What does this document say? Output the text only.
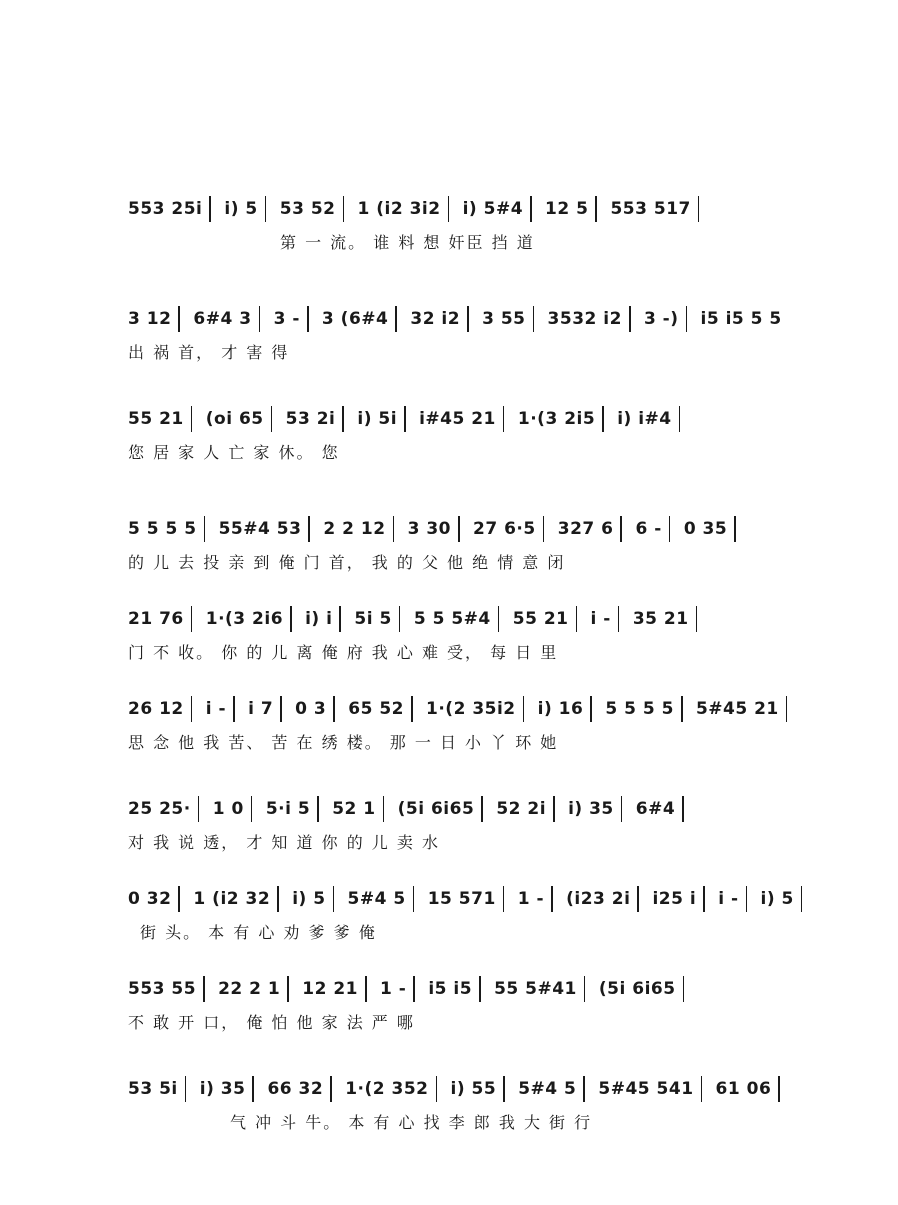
553 25i i) 5 53 52 1 (i2 3i2 i) 5#4 12 5 553 517
第 一 流。 谁 料 想 奸臣 挡 道
3 12 6#4 3 3 - 3 (6#4 32 i2 3 55 3532 i2 3 -) i5 i5 5 5
出 祸 首， 才 害 得
55 21 (oi 65 53 2i i) 5i i#45 21 1·(3 2i5 i) i#4
您 居 家 人 亡 家 休。 您
5 5 5 5 55#4 53 2 2 12 3 30 27 6·5 327 6 6 - 0 35
的 儿 去 投 亲 到 俺 门 首， 我 的 父 他 绝 情 意 闭
21 76 1·(3 2i6 i) i 5i 5 5 5 5#4 55 21 i - 35 21
门 不 收。 你 的 儿 离 俺 府 我 心 难 受， 每 日 里
26 12 i - i 7 0 3 65 52 1·(2 35i2 i) 16 5 5 5 5 5#45 21
思 念 他 我 苦、 苦 在 绣 楼。 那 一 日 小 丫 环 她
25 25· 1 0 5·i 5 52 1 (5i 6i65 52 2i i) 35 6#4
对 我 说 透， 才 知 道 你 的 儿 卖 水
0 32 1 (i2 32 i) 5 5#4 5 15 571 1 - (i23 2i i25 i i - i) 5
街 头。 本 有 心 劝 爹 爹 俺
553 55 22 2 1 12 21 1 - i5 i5 55 5#41 (5i 6i65
不 敢 开 口， 俺 怕 他 家 法 严 哪
53 5i i) 35 66 32 1·(2 352 i) 55 5#4 5 5#45 541 61 06
气 冲 斗 牛。 本 有 心 找 李 郎 我 大 街 行
